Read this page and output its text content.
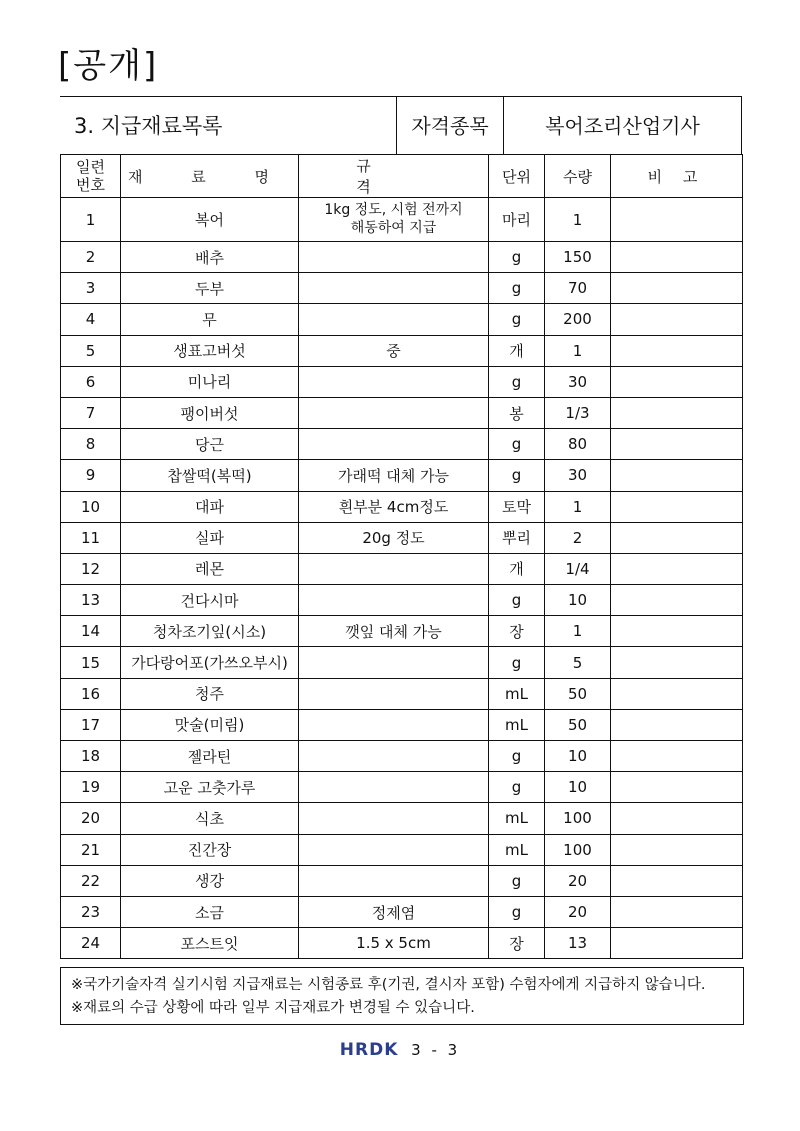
[공개]
3. 지급재료목록	자격종목	복어조리산업기사
일련
번호	재 료 명	규 격	단위	수량	비 고
1	복어	1kg 정도, 시험 전까지
해동하여 지급	마리	1	
2	배추		g	150	
3	두부		g	70	
4	무		g	200	
5	생표고버섯	중	개	1	
6	미나리		g	30	
7	팽이버섯		봉	1/3	
8	당근		g	80	
9	찹쌀떡(복떡)	가래떡 대체 가능	g	30	
10	대파	흰부분 4cm정도	토막	1	
11	실파	20g 정도	뿌리	2	
12	레몬		개	1/4	
13	건다시마		g	10	
14	청차조기잎(시소)	깻잎 대체 가능	장	1	
15	가다랑어포(가쓰오부시)		g	5	
16	청주		mL	50	
17	맛술(미림)		mL	50	
18	젤라틴		g	10	
19	고운 고춧가루		g	10	
20	식초		mL	100	
21	진간장		mL	100	
22	생강		g	20	
23	소금	정제염	g	20	
24	포스트잇	1.5 x 5cm	장	13	
※국가기술자격 실기시험 지급재료는 시험종료 후(기권, 결시자 포함) 수험자에게 지급하지 않습니다.
※재료의 수급 상황에 따라 일부 지급재료가 변경될 수 있습니다.
HRDK 3 - 3
